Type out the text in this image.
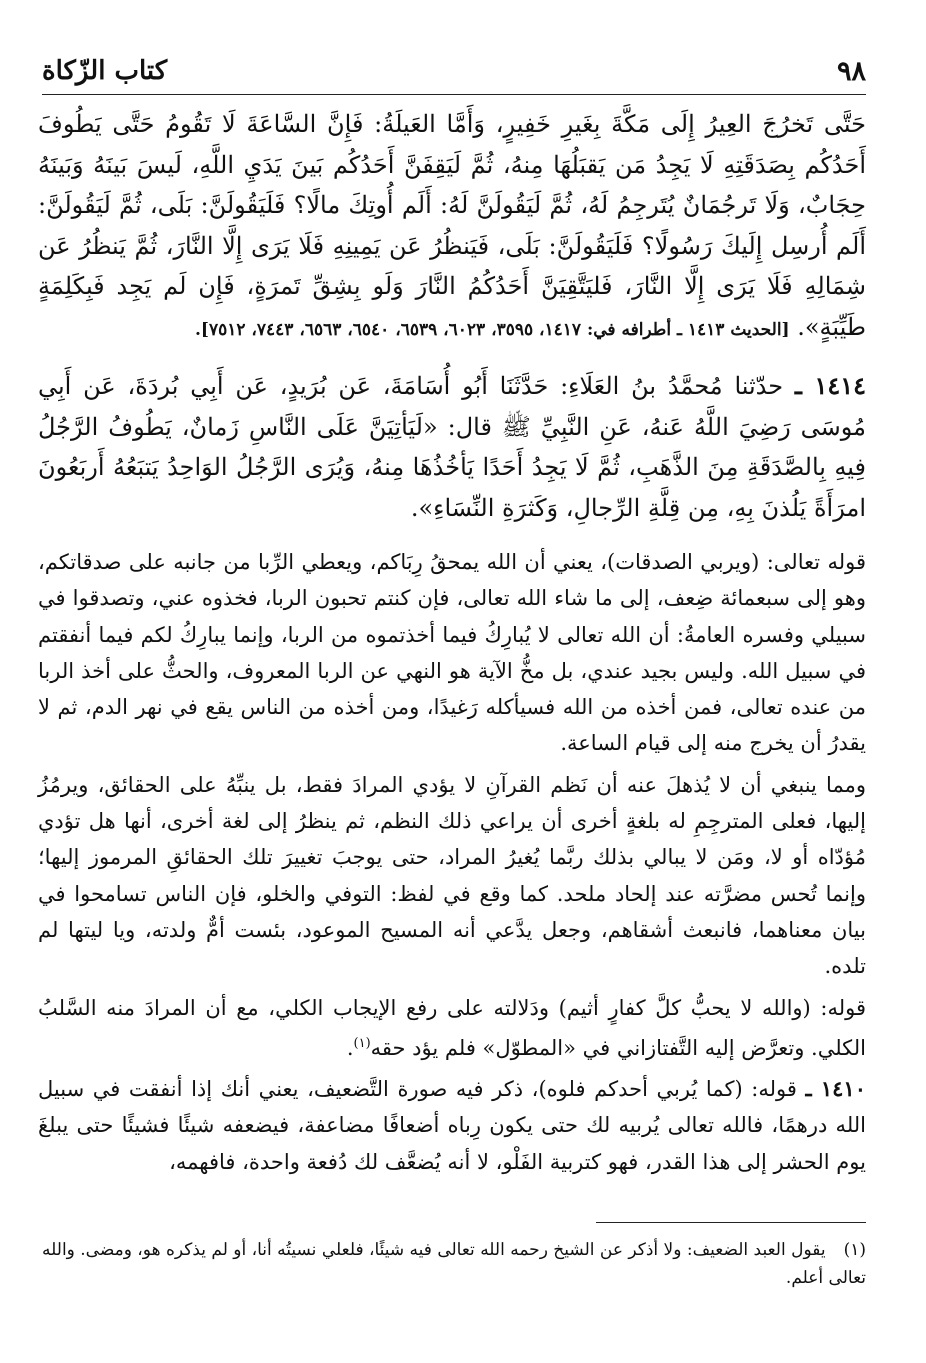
٩٨
كتاب الزّكاة

حَتَّى تَخرُجَ العِيرُ إِلَى مَكَّةَ بِغَيرِ خَفِيرٍ، وَأَمَّا العَيلَةُ: فَإِنَّ السَّاعَةَ لَا تَقُومُ حَتَّى يَطُوفَ أَحَدُكُم بِصَدَقَتِهِ لَا يَجِدُ مَن يَقبَلُهَا مِنهُ، ثُمَّ لَيَقِفَنَّ أَحَدُكُم بَينَ يَدَيِ اللَّهِ، لَيسَ بَينَهُ وَبَينَهُ حِجَابٌ، وَلَا تَرجُمَانٌ يُتَرجِمُ لَهُ، ثُمَّ لَيَقُولَنَّ لَهُ: أَلَم أُوتِكَ مالًا؟ فَلَيَقُولَنَّ: بَلَى، ثُمَّ لَيَقُولَنَّ: أَلَم أُرسِل إِلَيكَ رَسُولًا؟ فَلَيَقُولَنَّ: بَلَى، فَيَنظُرُ عَن يَمِينِهِ فَلَا يَرَى إِلَّا النَّارَ، ثُمَّ يَنظُرُ عَن شِمَالِهِ فَلَا يَرَى إِلَّا النَّارَ، فَليَتَّقِيَنَّ أَحَدُكُمُ النَّارَ وَلَو بِشِقِّ تَمرَةٍ، فَإِن لَم يَجِد فَبِكَلِمَةٍ طَيِّبَةٍ». [الحديث ١٤١٣ ـ أطرافه في: ١٤١٧، ٣٥٩٥، ٦٠٢٣، ٦٥٣٩، ٦٥٤٠، ٦٥٦٣، ٧٤٤٣، ٧٥١٢].

١٤١٤ ـ حدّثنا مُحمَّدُ بنُ العَلَاءِ: حَدَّثَنَا أَبُو أُسَامَةَ، عَن بُرَيدٍ، عَن أَبِي بُردَةَ، عَن أَبِي مُوسَى رَضِيَ اللَّهُ عَنهُ، عَنِ النَّبِيِّ ﷺ قال: «لَيَأتِيَنَّ عَلَى النَّاسِ زَمانٌ، يَطُوفُ الرَّجُلُ فِيهِ بِالصَّدَقَةِ مِنَ الذَّهَبِ، ثُمَّ لَا يَجِدُ أَحَدًا يَأخُذُهَا مِنهُ، وَيُرَى الرَّجُلُ الوَاحِدُ يَتبَعُهُ أَربَعُونَ امرَأَةً يَلُذنَ بِهِ، مِن قِلَّةِ الرِّجالِ، وَكَثرَةِ النِّسَاءِ».

قوله تعالى: (ويربي الصدقات)، يعني أن الله يمحقُ رِبَاكم، ويعطي الرِّبا من جانبه على صدقاتكم، وهو إلى سبعمائة ضِعف، إلى ما شاء الله تعالى، فإن كنتم تحبون الربا، فخذوه عني، وتصدقوا في سبيلي وفسره العامةُ: أن الله تعالى لا يُبارِكُ فيما أخذتموه من الربا، وإنما يبارِكُ لكم فيما أنفقتم في سبيل الله. وليس بجيد عندي، بل مخُّ الآية هو النهي عن الربا المعروف، والحثُّ على أخذ الربا من عنده تعالى، فمن أخذه من الله فسيأكله رَغيدًا، ومن أخذه من الناس يقع في نهر الدم، ثم لا يقدرُ أن يخرج منه إلى قيام الساعة.

ومما ينبغي أن لا يُذهلَ عنه أن نَظم القرآنِ لا يؤدي المرادَ فقط، بل ينبِّهُ على الحقائق، ويرمُزُ إليها، فعلى المترجِمِ له بلغةٍ أخرى أن يراعي ذلك النظم، ثم ينظرُ إلى لغة أخرى، أنها هل تؤدي مُؤدّاه أو لا، ومَن لا يبالي بذلك ربَّما يُغيرُ المراد، حتى يوجبَ تغييرَ تلك الحقائقِ المرموز إليها؛ وإنما تُحس مضرَّته عند إلحاد ملحد. كما وقع في لفظ: التوفي والخلو، فإن الناس تسامحوا في بيان معناهما، فانبعث أشقاهم، وجعل يدَّعي أنه المسيح الموعود، بئست أمٌّ ولدته، ويا ليتها لم تلده.

قوله: (والله لا يحبُّ كلَّ كفارٍ أثيم) ودَلالته على رفع الإيجاب الكلي، مع أن المرادَ منه السَّلبُ الكلي. وتعرَّض إليه التَّفتازاني في «المطوّل» فلم يؤد حقه$^{(١)}$.

١٤١٠ ـ قوله: (كما يُربي أحدكم فلوه)، ذكر فيه صورة التَّضعيف، يعني أنك إذا أنفقت في سبيل الله درهمًا، فالله تعالى يُربيه لك حتى يكون رِباه أضعافًا مضاعفة، فيضعفه شيئًا فشيئًا حتى يبلغَ يوم الحشر إلى هذا القدر، فهو كتربية الفَلْو، لا أنه يُضعَّف لك دُفعة واحدة، فافهمه،

(١)يقول العبد الضعيف: ولا أذكر عن الشيخ رحمه الله تعالى فيه شيئًا، فلعلي نسيتُه أنا، أو لم يذكره هو، ومضى. والله تعالى أعلم.
